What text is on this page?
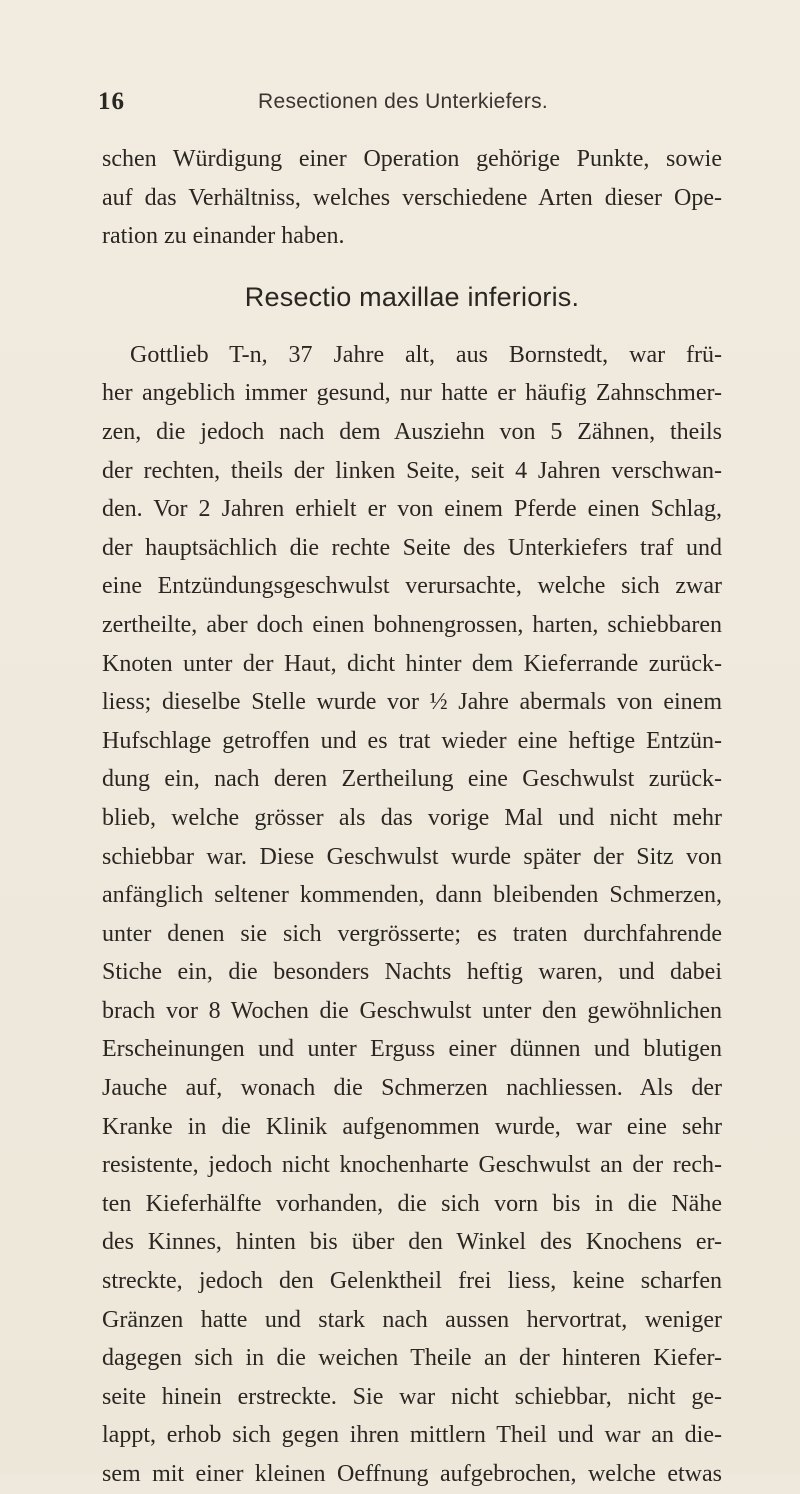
16	Resectionen des Unterkiefers.
schen Würdigung einer Operation gehörige Punkte, sowie
auf das Verhältniss, welches verschiedene Arten dieser Ope-
ration zu einander haben.
Resectio maxillae inferioris.
Gottlieb T-n, 37 Jahre alt, aus Bornstedt, war frü-
her angeblich immer gesund, nur hatte er häufig Zahnschmer-
zen, die jedoch nach dem Ausziehn von 5 Zähnen, theils
der rechten, theils der linken Seite, seit 4 Jahren verschwan-
den. Vor 2 Jahren erhielt er von einem Pferde einen Schlag,
der hauptsächlich die rechte Seite des Unterkiefers traf und
eine Entzündungsgeschwulst verursachte, welche sich zwar
zertheilte, aber doch einen bohnengrossen, harten, schiebbaren
Knoten unter der Haut, dicht hinter dem Kieferrande zurück-
liess; dieselbe Stelle wurde vor ½ Jahre abermals von einem
Hufschlage getroffen und es trat wieder eine heftige Entzün-
dung ein, nach deren Zertheilung eine Geschwulst zurück-
blieb, welche grösser als das vorige Mal und nicht mehr
schiebbar war. Diese Geschwulst wurde später der Sitz von
anfänglich seltener kommenden, dann bleibenden Schmerzen,
unter denen sie sich vergrösserte; es traten durchfahrende
Stiche ein, die besonders Nachts heftig waren, und dabei
brach vor 8 Wochen die Geschwulst unter den gewöhnlichen
Erscheinungen und unter Erguss einer dünnen und blutigen
Jauche auf, wonach die Schmerzen nachliessen. Als der
Kranke in die Klinik aufgenommen wurde, war eine sehr
resistente, jedoch nicht knochenharte Geschwulst an der rech-
ten Kieferhälfte vorhanden, die sich vorn bis in die Nähe
des Kinnes, hinten bis über den Winkel des Knochens er-
streckte, jedoch den Gelenktheil frei liess, keine scharfen
Gränzen hatte und stark nach aussen hervortrat, weniger
dagegen sich in die weichen Theile an der hinteren Kiefer-
seite hinein erstreckte. Sie war nicht schiebbar, nicht ge-
lappt, erhob sich gegen ihren mittlern Theil und war an die-
sem mit einer kleinen Oeffnung aufgebrochen, welche etwas
